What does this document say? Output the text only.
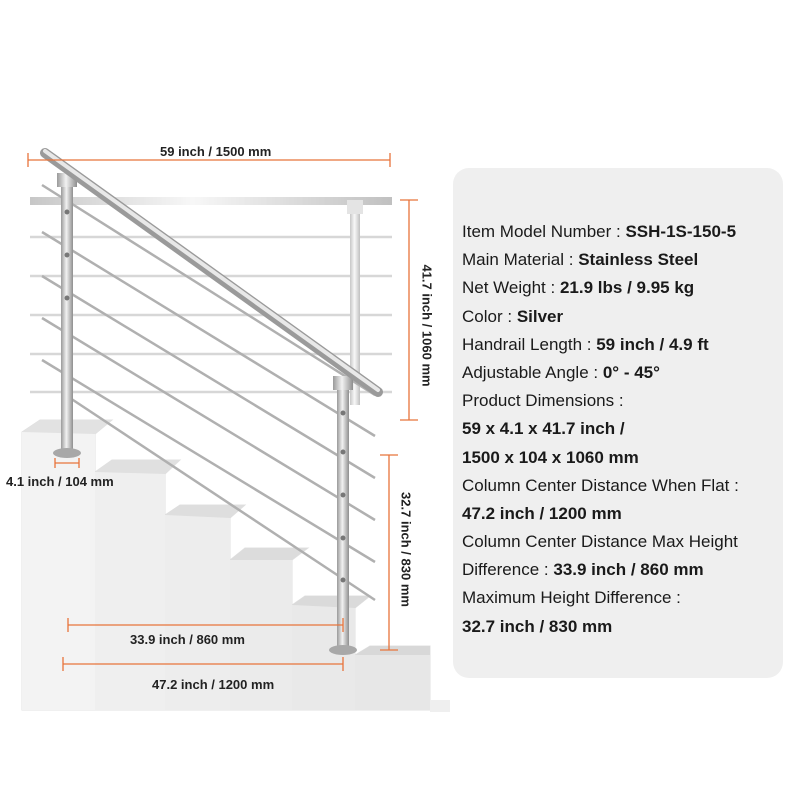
59 inch / 1500 mm
41.7 inch / 1060 mm
32.7 inch / 830 mm
4.1 inch / 104 mm
33.9 inch / 860 mm
47.2 inch / 1200 mm
Item Model Number : SSH-1S-150-5
Main Material : Stainless Steel
Net Weight : 21.9 lbs / 9.95 kg
Color : Silver
Handrail Length : 59 inch / 4.9 ft
Adjustable Angle : 0° - 45°
Product Dimensions :
59 x 4.1 x 41.7 inch /
1500 x 104 x 1060 mm
Column Center Distance When Flat :
47.2 inch / 1200 mm
Column Center Distance Max Height
Difference : 33.9 inch / 860 mm
Maximum Height Difference :
32.7 inch / 830 mm
